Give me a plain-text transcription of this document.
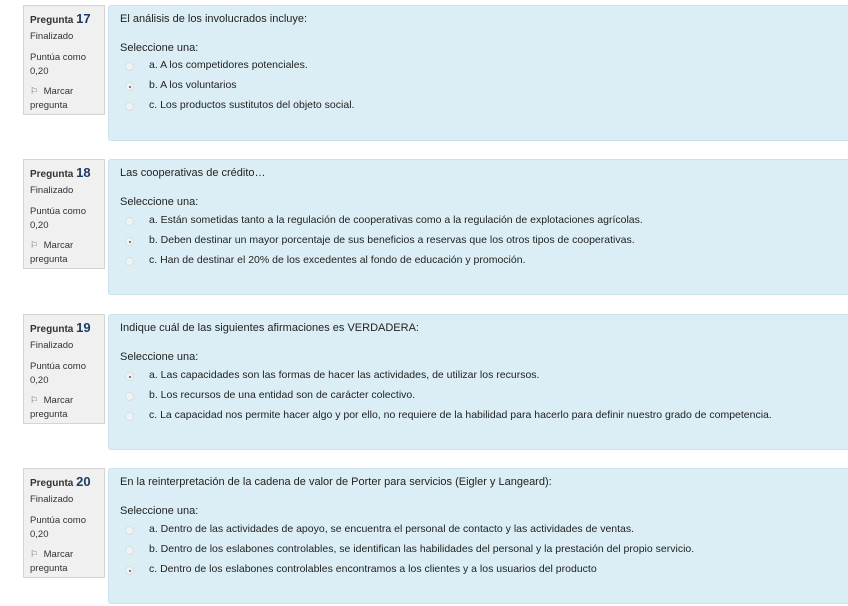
Pregunta 17
Finalizado
Puntúa como
0,20
⚐ Marcar
pregunta
El análisis de los involucrados incluye:
Seleccione una:
a. A los competidores potenciales.
b. A los voluntarios
c. Los productos sustitutos del objeto social.
Pregunta 18
Finalizado
Puntúa como
0,20
⚐ Marcar
pregunta
Las cooperativas de crédito…
Seleccione una:
a. Están sometidas tanto a la regulación de cooperativas como a la regulación de explotaciones agrícolas.
b. Deben destinar un mayor porcentaje de sus beneficios a reservas que los otros tipos de cooperativas.
c. Han de destinar el 20% de los excedentes al fondo de educación y promoción.
Pregunta 19
Finalizado
Puntúa como
0,20
⚐ Marcar
pregunta
Indique cuál de las siguientes afirmaciones es VERDADERA:
Seleccione una:
a. Las capacidades son las formas de hacer las actividades, de utilizar los recursos.
b. Los recursos de una entidad son de carácter colectivo.
c. La capacidad nos permite hacer algo y por ello, no requiere de la habilidad para hacerlo para definir nuestro grado de competencia.
Pregunta 20
Finalizado
Puntúa como
0,20
⚐ Marcar
pregunta
En la reinterpretación de la cadena de valor de Porter para servicios (Eigler y Langeard):
Seleccione una:
a. Dentro de las actividades de apoyo, se encuentra el personal de contacto y las actividades de ventas.
b. Dentro de los eslabones controlables, se identifican las habilidades del personal y la prestación del propio servicio.
c. Dentro de los eslabones controlables encontramos a los clientes y a los usuarios del producto
